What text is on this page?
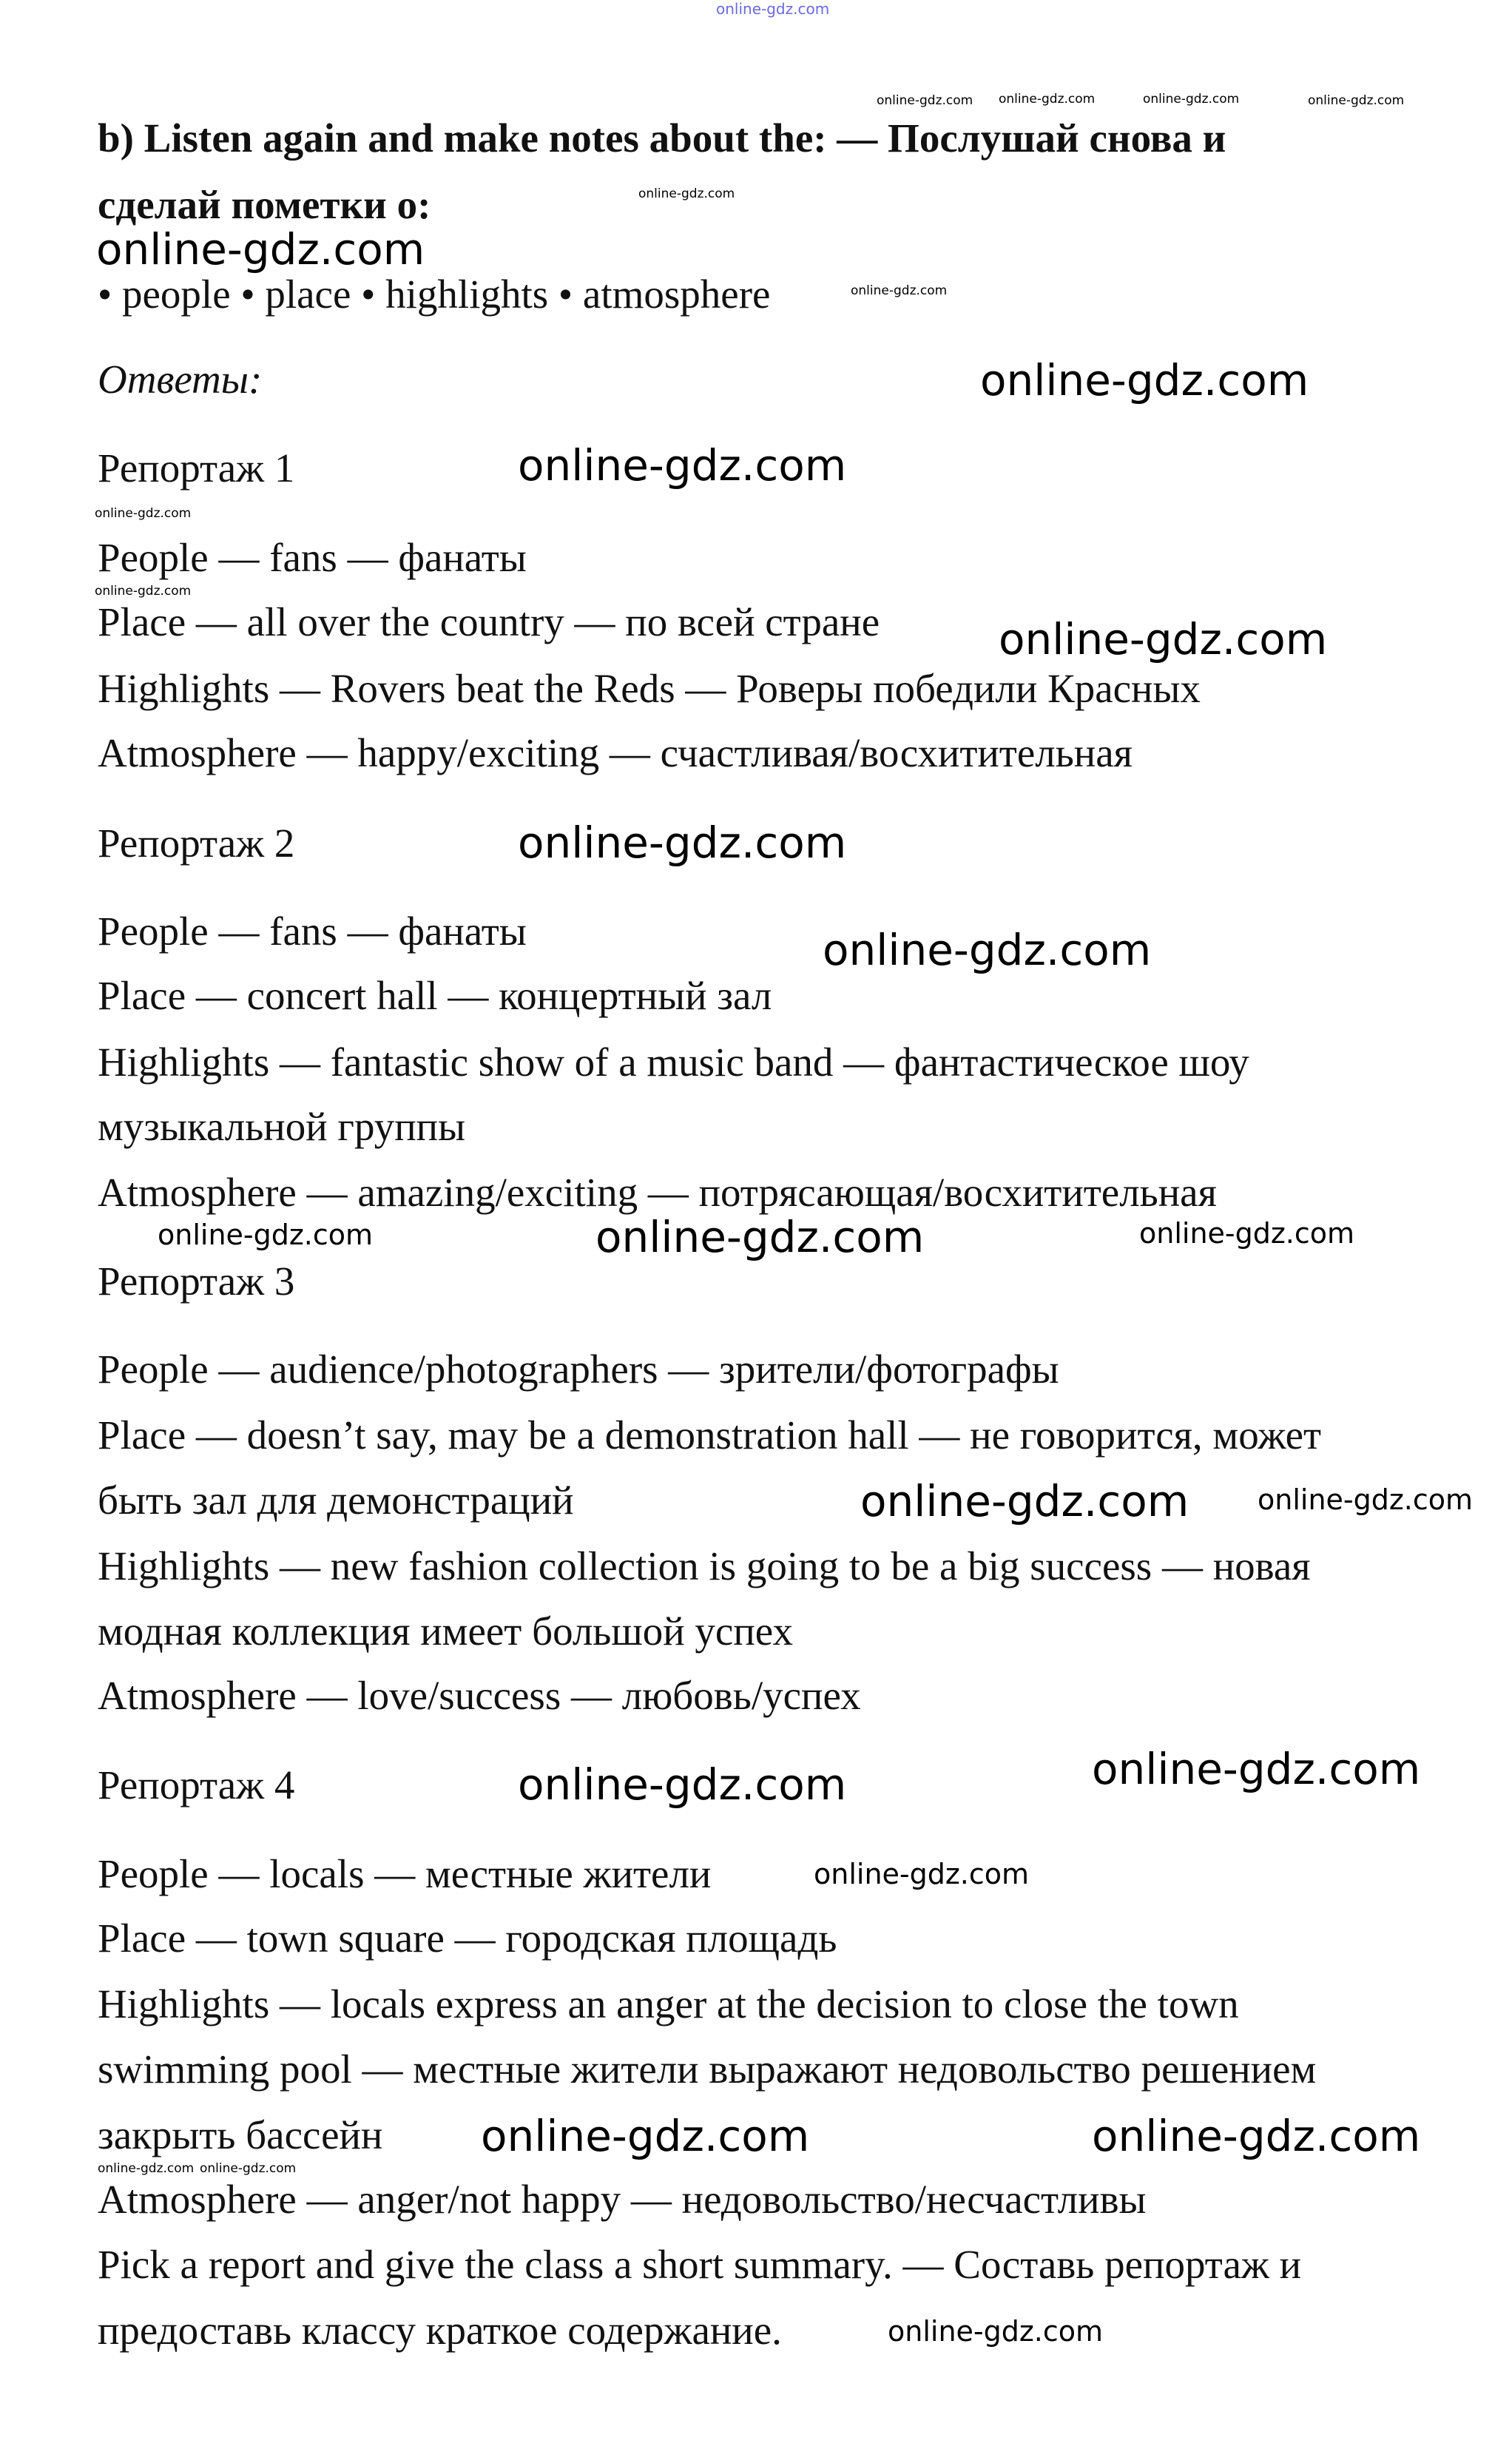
online-gdz.com
b) Listen again and make notes about the: — Послушай снова и
сделай пометки о:
• people • place • highlights • atmosphere
Ответы:
Репортаж 1
People — fans — фанаты
Place — all over the country — по всей стране
Highlights — Rovers beat the Reds — Роверы победили Красных
Atmosphere — happy/exciting — счастливая/восхитительная
Репортаж 2
People — fans — фанаты
Place — concert hall — концертный зал
Highlights — fantastic show of a music band — фантастическое шоу
музыкальной группы
Atmosphere — amazing/exciting — потрясающая/восхитительная
Репортаж 3
People — audience/photographers — зрители/фотографы
Place — doesn’t say, may be a demonstration hall — не говорится, может
быть зал для демонстраций
Highlights — new fashion collection is going to be a big success — новая
модная коллекция имеет большой успех
Atmosphere — love/success — любовь/успех
Репортаж 4
People — locals — местные жители
Place — town square — городская площадь
Highlights — locals express an anger at the decision to close the town
swimming pool — местные жители выражают недовольство решением
закрыть бассейн
Atmosphere — anger/not happy — недовольство/несчастливы
Pick a report and give the class a short summary. — Составь репортаж и
предоставь классу краткое содержание.
online-gdz.com online-gdz.com	online-gdz.com	online-gdz.com
online-gdz.com
online-gdz.com
online-gdz.com
online-gdz.com
online-gdz.com
online-gdz.com
online-gdz.com
online-gdz.com
online-gdz.com
online-gdz.com
online-gdz.com
online-gdz.com	online-gdz.com
online-gdz.com
online-gdz.com
online-gdz.com	online-gdz.com
online-gdz.com
online-gdz.com	online-gdz.com
online-gdz.com online-gdz.com
online-gdz.com
